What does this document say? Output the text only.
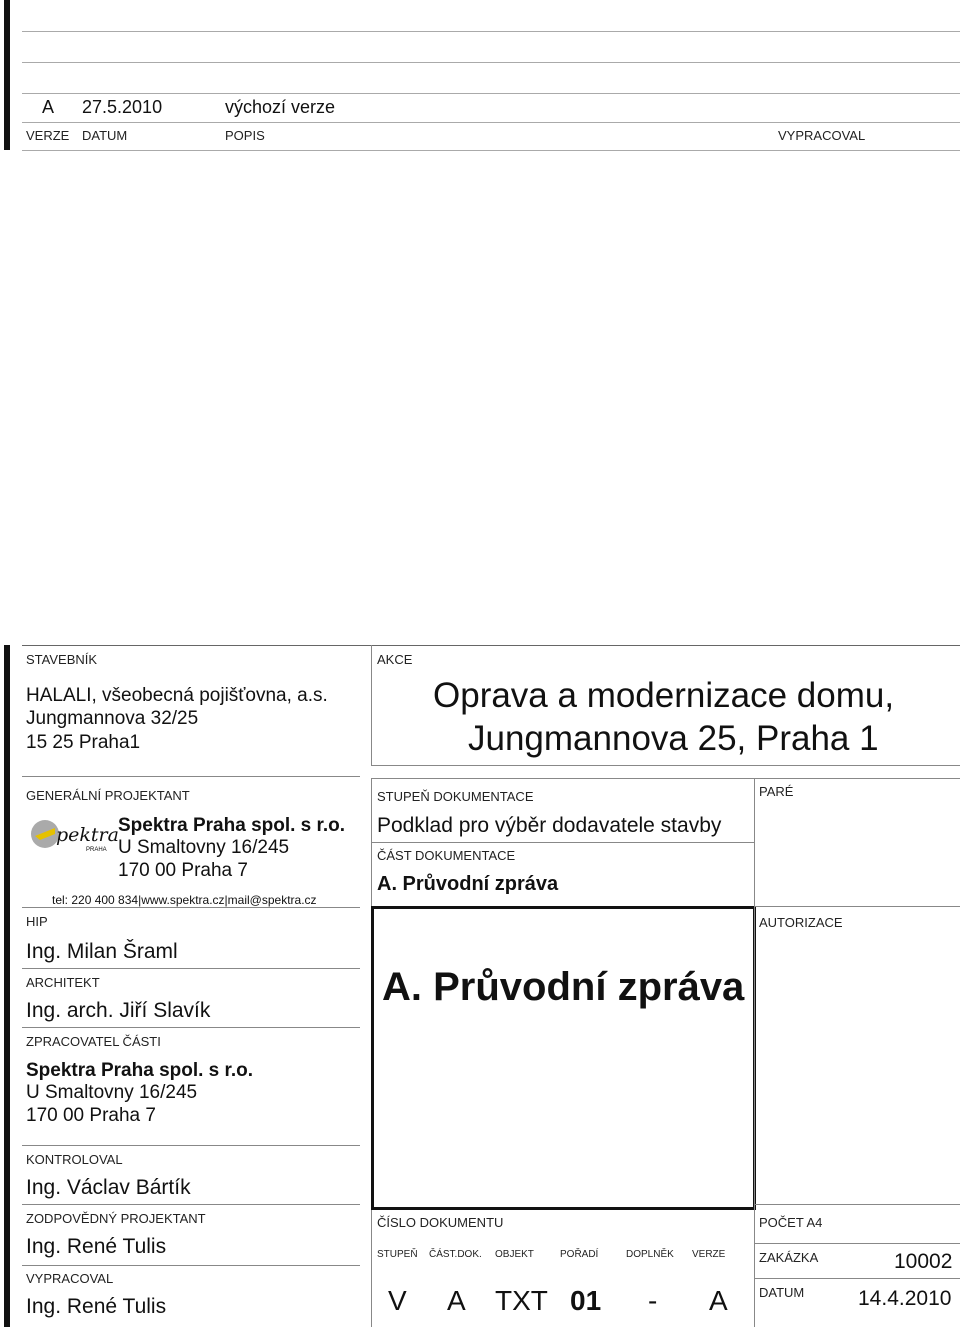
A 27.5.2010	výchozí verze
VERZE DATUM	POPIS	VYPRACOVAL
STAVEBNÍK
HALALI, všeobecná pojišťovna, a.s.
Jungmannova 32/25
15 25 Praha1
AKCE
Oprava a modernizace domu,
Jungmannova 25, Praha 1
GENERÁLNÍ PROJEKTANT
pektra
PRAHA
Spektra Praha spol. s r.o.
U Smaltovny 16/245
170 00 Praha 7
tel: 220 400 834|www.spektra.cz|mail@spektra.cz
HIP
Ing. Milan Šraml
ARCHITEKT
Ing. arch. Jiří Slavík
ZPRACOVATEL ČÁSTI
Spektra Praha spol. s r.o.
U Smaltovny 16/245
170 00 Praha 7
KONTROLOVAL
Ing. Václav Bártík
ZODPOVĚDNÝ PROJEKTANT
Ing. René Tulis
VYPRACOVAL
Ing. René Tulis
STUPEŇ DOKUMENTACE
Podklad pro výběr dodavatele stavby
ČÁST DOKUMENTACE
A. Průvodní zpráva
A. Průvodní zpráva
ČÍSLO DOKUMENTU
STUPEŇ ČÁST.DOK. OBJEKT	POŘADÍ	DOPLNĚK VERZE
V A TXT 01 - A
PARÉ
AUTORIZACE
POČET A4
ZAKÁZKA	10002
DATUM	14.4.2010
